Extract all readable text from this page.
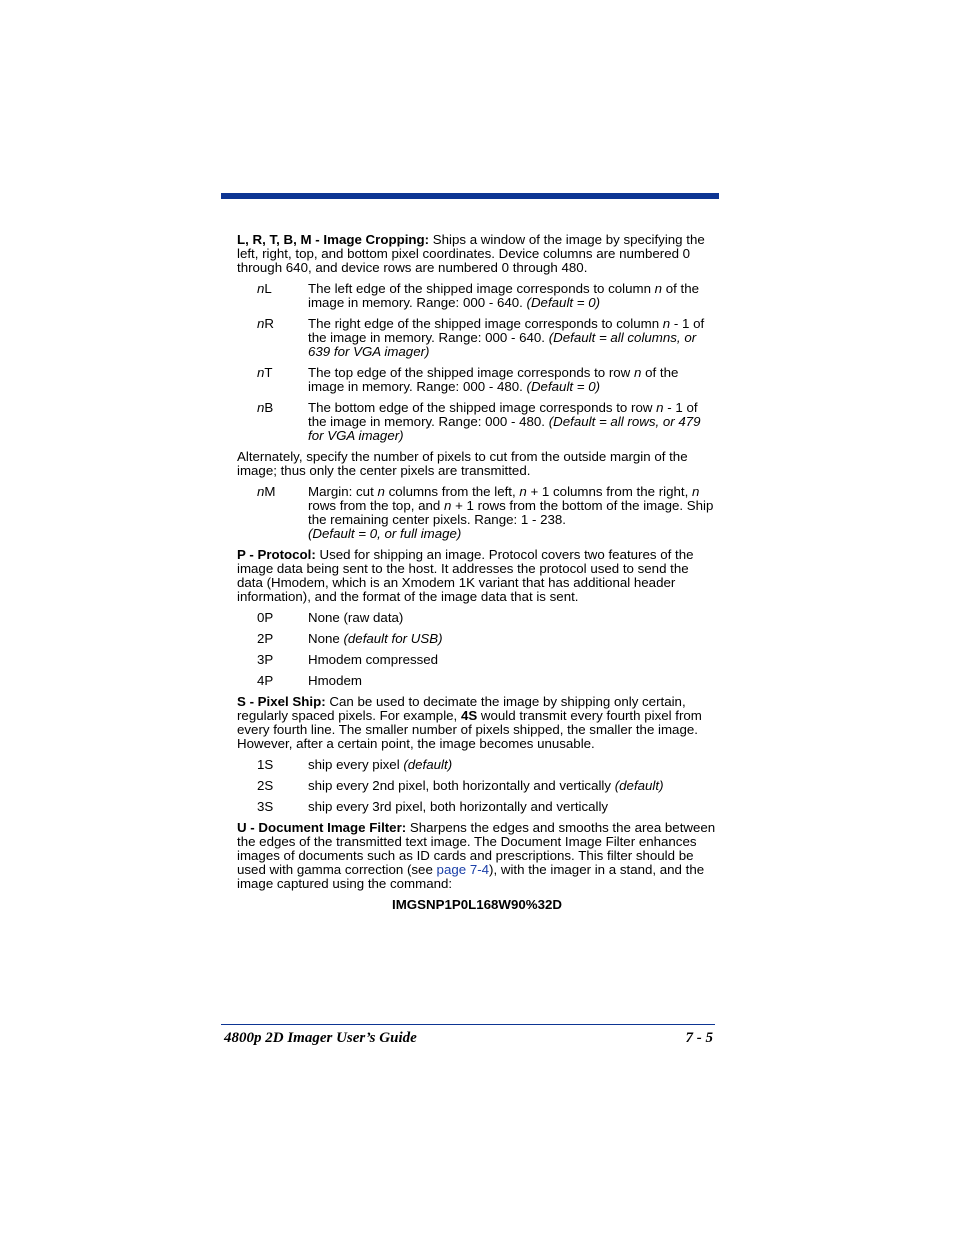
L, R, T, B, M - Image Cropping: Ships a window of the image by specifying the left, right, top, and bottom pixel coordinates. Device columns are numbered 0 through 640, and device rows are numbered 0 through 480.

nL	The left edge of the shipped image corresponds to column n of the image in memory. Range: 000 - 640. (Default = 0)
nR	The right edge of the shipped image corresponds to column n - 1 of the image in memory. Range: 000 - 640. (Default = all columns, or 639 for VGA imager)
nT	The top edge of the shipped image corresponds to row n of the image in memory. Range: 000 - 480. (Default = 0)
nB	The bottom edge of the shipped image corresponds to row n - 1 of the image in memory. Range: 000 - 480. (Default = all rows, or 479 for VGA imager)

Alternately, specify the number of pixels to cut from the outside margin of the image; thus only the center pixels are transmitted.

nM	Margin: cut n columns from the left, n + 1 columns from the right, n rows from the top, and n + 1 rows from the bottom of the image. Ship the remaining center pixels. Range: 1 - 238.
(Default = 0, or full image)

P - Protocol: Used for shipping an image. Protocol covers two features of the image data being sent to the host. It addresses the protocol used to send the data (Hmodem, which is an Xmodem 1K variant that has additional header information), and the format of the image data that is sent.

0P	None (raw data)
2P	None (default for USB)
3P	Hmodem compressed
4P	Hmodem

S - Pixel Ship: Can be used to decimate the image by shipping only certain, regularly spaced pixels. For example, 4S would transmit every fourth pixel from every fourth line. The smaller number of pixels shipped, the smaller the image. However, after a certain point, the image becomes unusable.

1S	ship every pixel (default)
2S	ship every 2nd pixel, both horizontally and vertically (default)
3S	ship every 3rd pixel, both horizontally and vertically

U - Document Image Filter: Sharpens the edges and smooths the area between the edges of the transmitted text image. The Document Image Filter enhances images of documents such as ID cards and prescriptions. This filter should be used with gamma correction (see page 7-4), with the imager in a stand, and the image captured using the command:

IMGSNP1P0L168W90%32D
4800p 2D Imager User’s Guide	7 - 5
